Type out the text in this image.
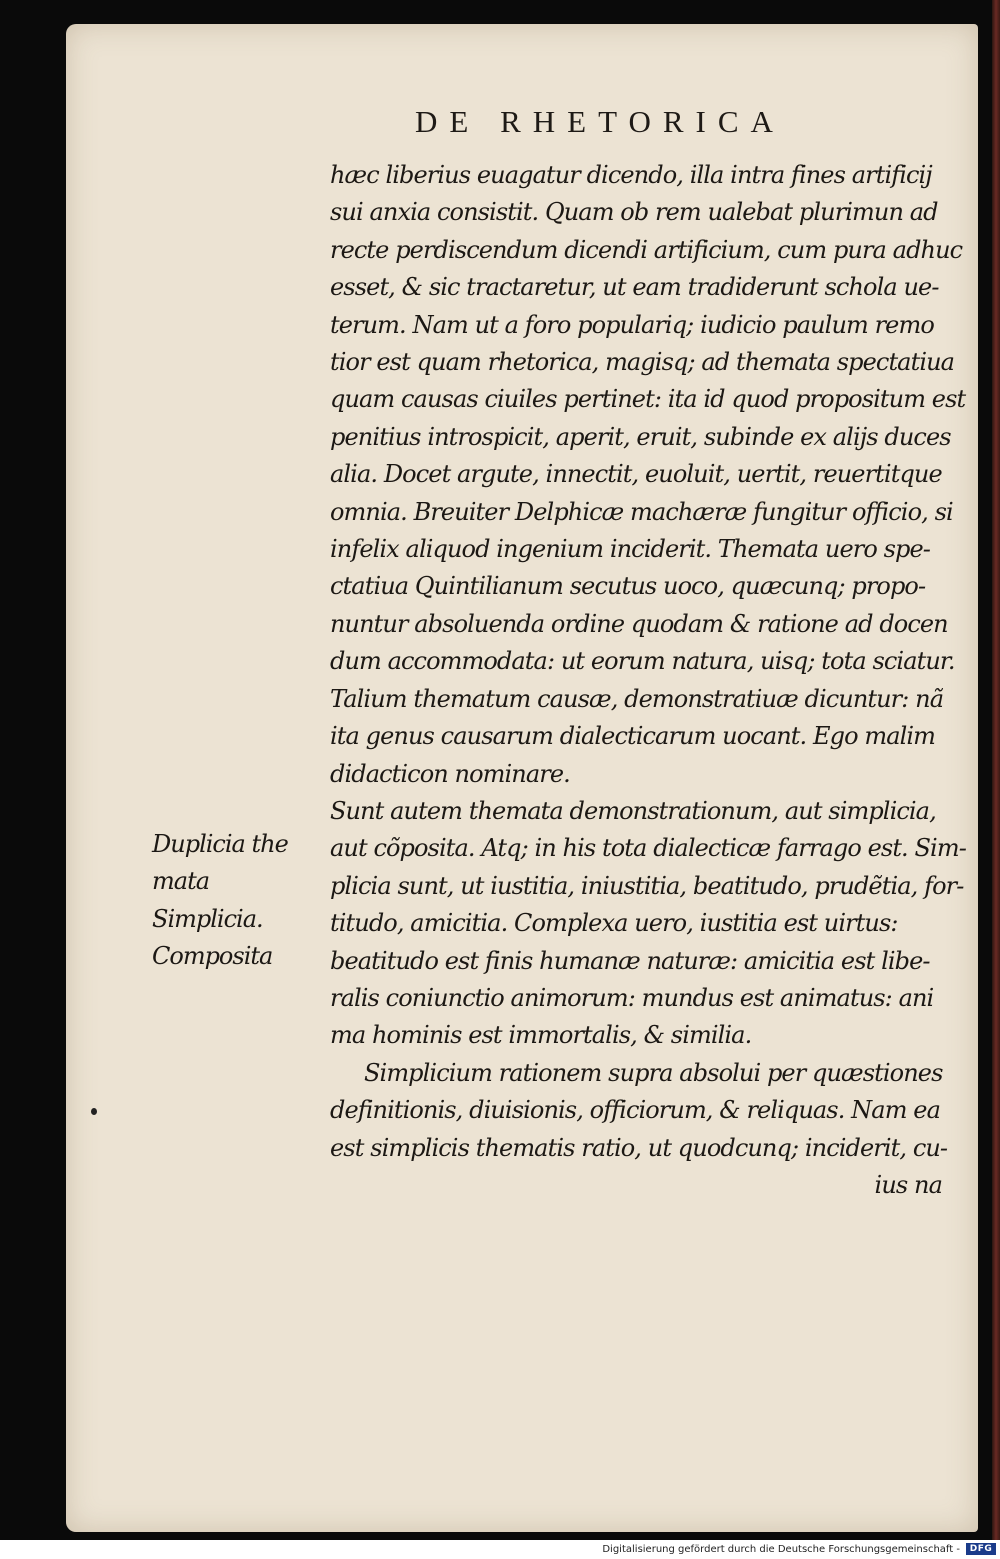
DE RHETORICA
hæc liberius euagatur dicendo, illa intra fines artificij
sui anxia consistit. Quam ob rem ualebat plurimun ad
recte perdiscendum dicendi artificium, cum pura adhuc
esset, & sic tractaretur, ut eam tradiderunt schola ue-
terum. Nam ut a foro populariq; iudicio paulum remo
tior est quam rhetorica, magisq; ad themata spectatiua
quam causas ciuiles pertinet: ita id quod propositum est
penitius introspicit, aperit, eruit, subinde ex alijs duces
alia. Docet argute, innectit, euoluit, uertit, reuertitque
omnia. Breuiter Delphicæ machæræ fungitur officio, si
infelix aliquod ingenium inciderit. Themata uero spe-
ctatiua Quintilianum secutus uoco, quæcunq; propo-
nuntur absoluenda ordine quodam & ratione ad docen
dum accommodata: ut eorum natura, uisq; tota sciatur.
Talium thematum causæ, demonstratiuæ dicuntur: nã
ita genus causarum dialecticarum uocant. Ego malim
didacticon nominare.
Sunt autem themata demonstrationum, aut simplicia,
aut cõposita. Atq; in his tota dialecticæ farrago est. Sim-
plicia sunt, ut iustitia, iniustitia, beatitudo, prudẽtia, for-
titudo, amicitia. Complexa uero, iustitia est uirtus:
beatitudo est finis humanæ naturæ: amicitia est libe-
ralis coniunctio animorum: mundus est animatus: ani
ma hominis est immortalis, & similia.
Simplicium rationem supra absolui per quæstiones
definitionis, diuisionis, officiorum, & reliquas. Nam ea
est simplicis thematis ratio, ut quodcunq; inciderit, cu-
ius na
Duplicia the
mata
Simplicia.
Composita
Digitalisierung gefördert durch die Deutsche Forschungsgemeinschaft -	DFG
